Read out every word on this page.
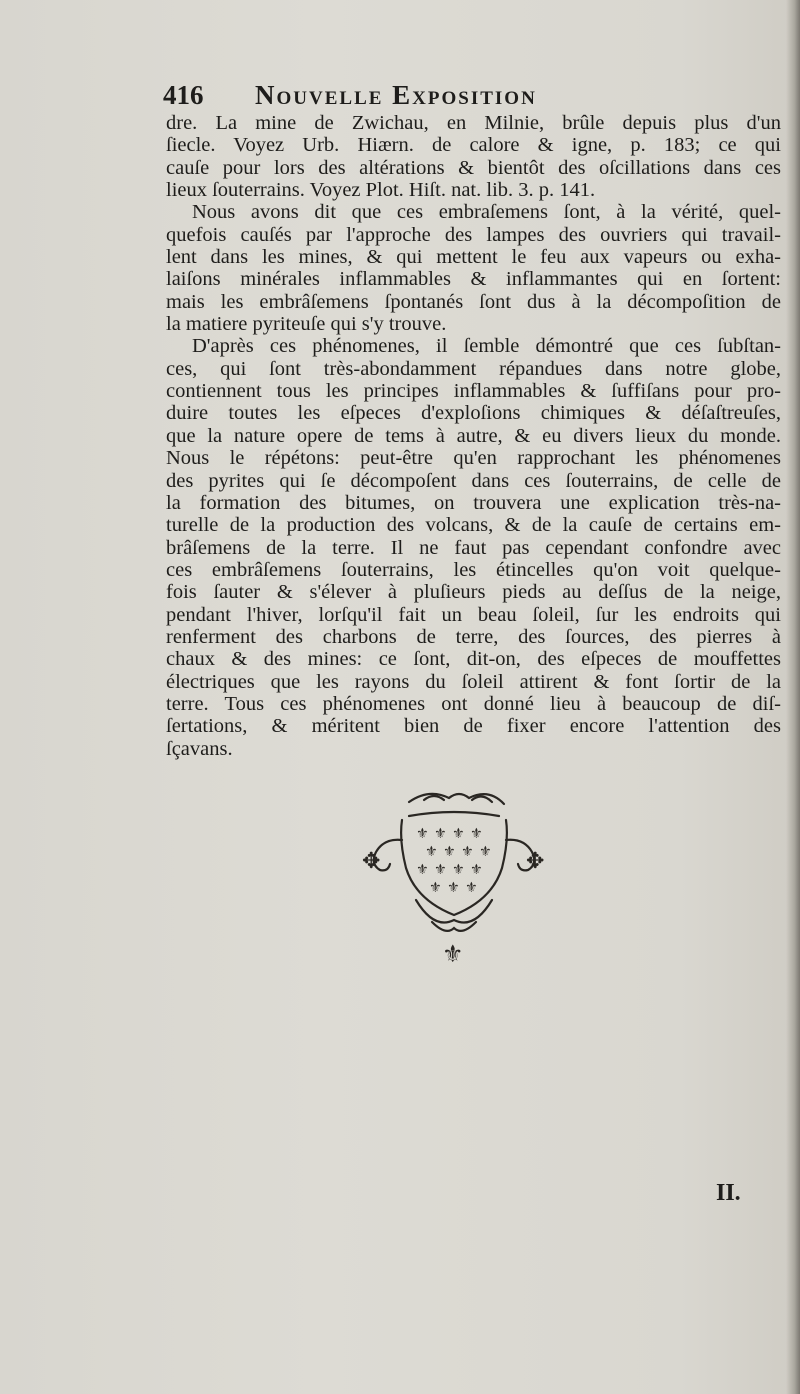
416 Nouvelle Exposition
dre. La mine de Zwichau, en Milnie, brûle depuis plus d'un
ſiecle. Voyez Urb. Hiærn. de calore & igne, p. 183; ce qui
cauſe pour lors des altérations & bientôt des oſcillations dans ces
lieux ſouterrains. Voyez Plot. Hiſt. nat. lib. 3. p. 141.
Nous avons dit que ces embraſemens ſont, à la vérité, quel-
quefois cauſés par l'approche des lampes des ouvriers qui travail-
lent dans les mines, & qui mettent le feu aux vapeurs ou exha-
laiſons minérales inflammables & inflammantes qui en ſortent:
mais les embrâſemens ſpontanés ſont dus à la décompoſition de
la matiere pyriteuſe qui s'y trouve.
D'après ces phénomenes, il ſemble démontré que ces ſubſtan-
ces, qui ſont très-abondamment répandues dans notre globe,
contiennent tous les principes inflammables & ſuffiſans pour pro-
duire toutes les eſpeces d'exploſions chimiques & déſaſtreuſes,
que la nature opere de tems à autre, & eu divers lieux du monde.
Nous le répétons: peut-être qu'en rapprochant les phénomenes
des pyrites qui ſe décompoſent dans ces ſouterrains, de celle de
la formation des bitumes, on trouvera une explication très-na-
turelle de la production des volcans, & de la cauſe de certains em-
brâſemens de la terre. Il ne faut pas cependant confondre avec
ces embrâſemens ſouterrains, les étincelles qu'on voit quelque-
fois ſauter & s'élever à pluſieurs pieds au deſſus de la neige,
pendant l'hiver, lorſqu'il fait un beau ſoleil, ſur les endroits qui
renferment des charbons de terre, des ſources, des pierres à
chaux & des mines: ce ſont, dit-on, des eſpeces de mouffettes
électriques que les rayons du ſoleil attirent & font ſortir de la
terre. Tous ces phénomenes ont donné lieu à beaucoup de diſ-
ſertations, & méritent bien de fixer encore l'attention des
ſçavans.
⚜ ⚜ ⚜ ⚜
⚜ ⚜ ⚜ ⚜
⚜ ⚜ ⚜ ⚜
⚜ ⚜ ⚜
✥	✥
⚜
II.
